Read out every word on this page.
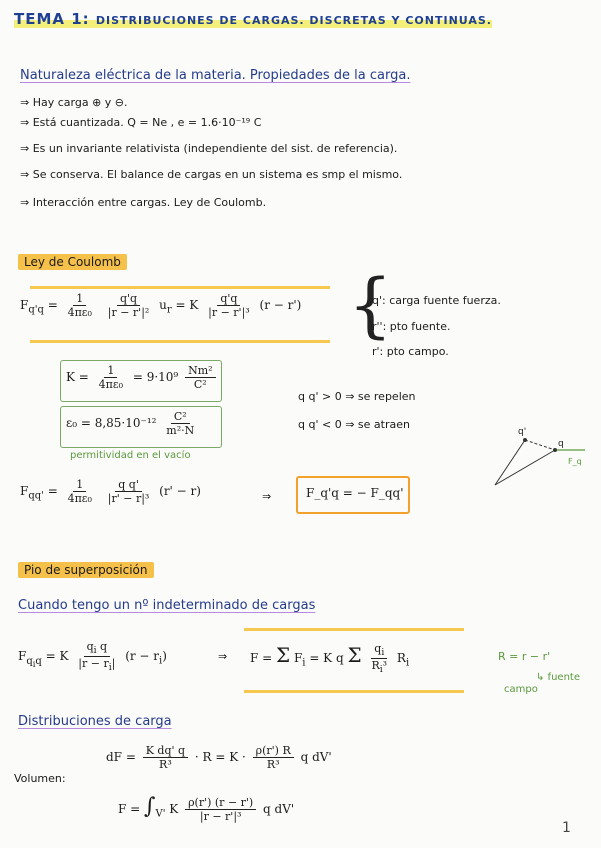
TEMA 1: DISTRIBUCIONES DE CARGAS. DISCRETAS Y CONTINUAS.
Naturaleza eléctrica de la materia. Propiedades de la carga.
⇒ Hay carga ⊕ y ⊖.
⇒ Está cuantizada. Q = Ne , e = 1.6·10⁻¹⁹ C
⇒ Es un invariante relativista (independiente del sist. de referencia).
⇒ Se conserva. El balance de cargas en un sistema es smp el mismo.
⇒ Interacción entre cargas. Ley de Coulomb.
Ley de Coulomb
$F_{q'q} = \frac{1}{\text{4πε₀}}$
$\frac{q'q}{\text{|r − r'|²}} u_r = K \frac{q'q}{\text{|r − r'|³}} (r - r')$ {
q': carga fuente fuerza.
r'': pto fuente.
r': pto campo.
$K = \frac{1}{\text{4πε₀}} = 9\cdot 10^9 \frac{\text{Nm²}}{\text{C²}}$
$\varepsilon_0 = 8,85\cdot 10^{-12} \frac{\text{C²}}{\text{m²·N}}$
permitividad en el vacío
q q' > 0 ⇒ se repelen
q q' < 0 ⇒ se atraen
q'
q
F_q
$F_{qq'} = \frac{1}{\text{4πε₀}}$
$\frac{\text{q q'}}{\text{|r' − r|³}} (r' - r)$	⇒	F_q'q = − F_qq'
Pio de superposición
Cuando tengo un nº indeterminado de cargas
$F_{q_iq} = K \frac{q_i q}{|r - r_i|} (r - r_i)$	⇒ F = Σ $F_i = K$ q Σ $\frac{q_i}{R_i^3} R_i$
R = r − r'
↳ fuente
campo
Distribuciones de carga
dF = $\frac{\text{K dq' q}}{\text{R³}} \cdot R = K \cdot \frac{\rho(r') R}{\text{R³}}$ q dV'
Volumen:
$F = \int_{V'}$ K $\frac{\rho(r') (r - r')}{\text{|r − r'|³}}$ q dV'
1
